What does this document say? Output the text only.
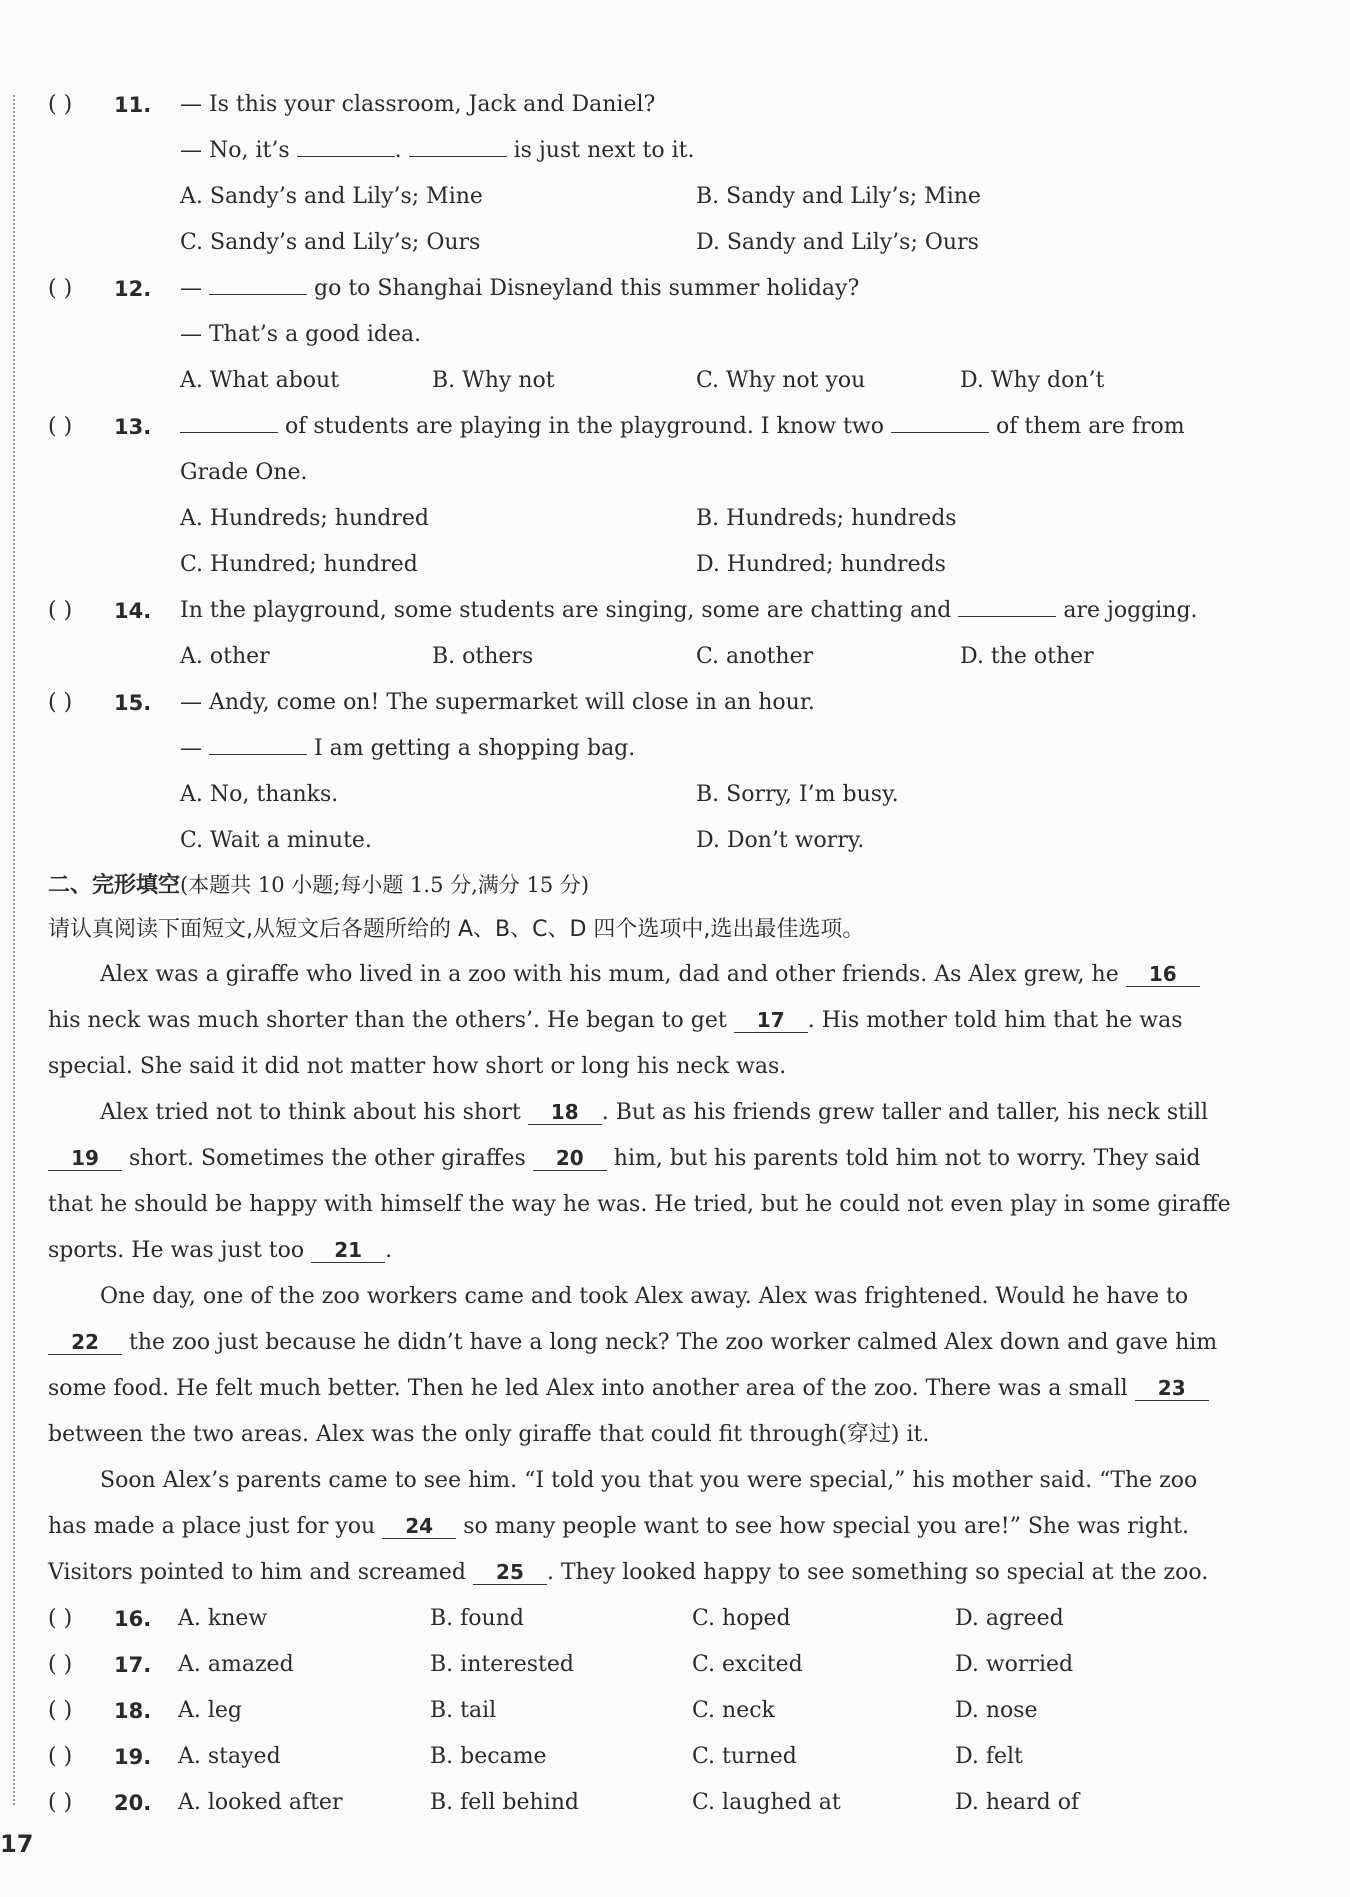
( )	11. — Is this your classroom, Jack and Daniel?
— No, it’s	.	is just next to it.
A. Sandy’s and Lily’s; Mine	B. Sandy and Lily’s; Mine
C. Sandy’s and Lily’s; Ours	D. Sandy and Lily’s; Ours
( )	12. —	go to Shanghai Disneyland this summer holiday?
— That’s a good idea.
A. What about	B. Why not	C. Why not you	D. Why don’t
( )	13.	of students are playing in the playground. I know two	of them are from
Grade One.
A. Hundreds; hundred	B. Hundreds; hundreds
C. Hundred; hundred	D. Hundred; hundreds
( )	14. In the playground, some students are singing, some are chatting and	are jogging.
A. other	B. others	C. another	D. the other
( )	15. — Andy, come on! The supermarket will close in an hour.
—	I am getting a shopping bag.
A. No, thanks.	B. Sorry, I’m busy.
C. Wait a minute.	D. Don’t worry.
二、完形填空(本题共 10 小题;每小题 1.5 分,满分 15 分)
请认真阅读下面短文,从短文后各题所给的 A、B、C、D 四个选项中,选出最佳选项。
Alex was a giraffe who lived in a zoo with his mum, dad and other friends. As Alex grew, he 16
his neck was much shorter than the others’. He began to get 17 . His mother told him that he was
special. She said it did not matter how short or long his neck was.
Alex tried not to think about his short 18 . But as his friends grew taller and taller, his neck still
19 short. Sometimes the other giraffes 20 him, but his parents told him not to worry. They said
that he should be happy with himself the way he was. He tried, but he could not even play in some giraffe
sports. He was just too 21 .
One day, one of the zoo workers came and took Alex away. Alex was frightened. Would he have to
22 the zoo just because he didn’t have a long neck? The zoo worker calmed Alex down and gave him
some food. He felt much better. Then he led Alex into another area of the zoo. There was a small 23
between the two areas. Alex was the only giraffe that could fit through(穿过) it.
Soon Alex’s parents came to see him. “I told you that you were special,” his mother said. “The zoo
has made a place just for you 24 so many people want to see how special you are!” She was right.
Visitors pointed to him and screamed 25 . They looked happy to see something so special at the zoo.
( )	16. A. knew	B. found	C. hoped	D. agreed
( )	17. A. amazed	B. interested	C. excited	D. worried
( )	18. A. leg	B. tail	C. neck	D. nose
( )	19. A. stayed	B. became	C. turned	D. felt
( )	20. A. looked after	B. fell behind	C. laughed at	D. heard of
17
